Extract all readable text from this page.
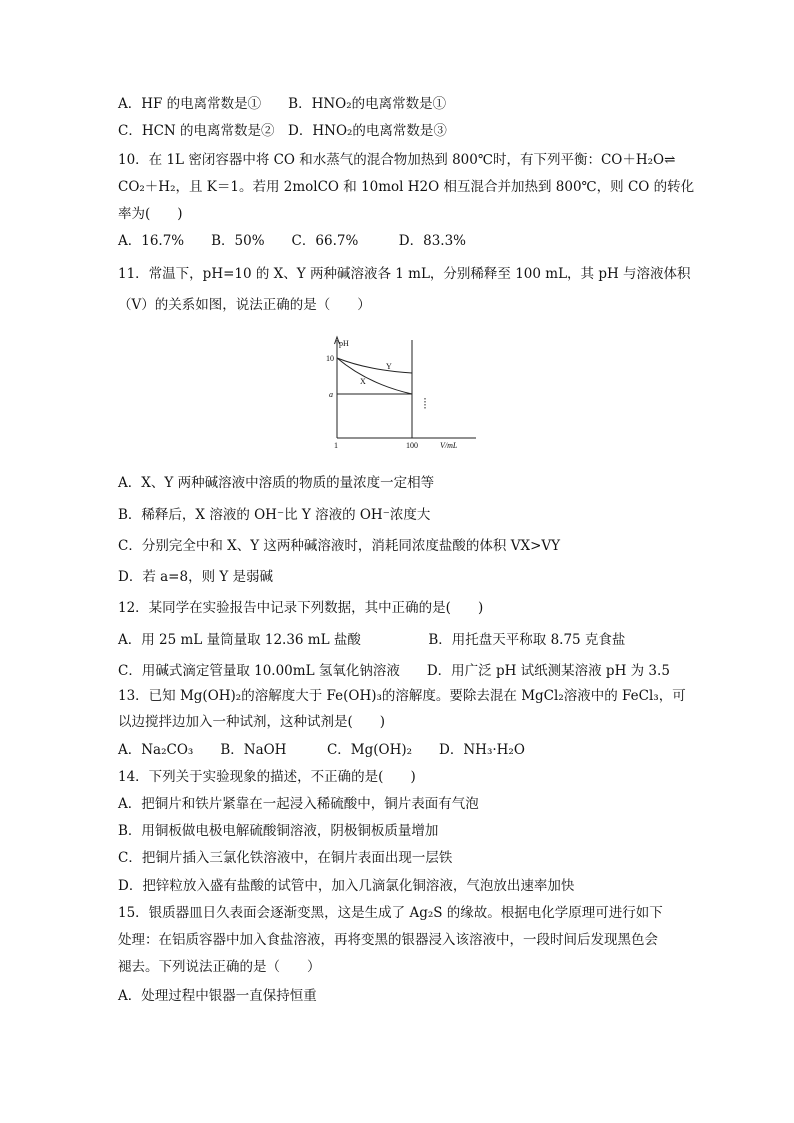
A．HF 的电离常数是①　　B．HNO₂的电离常数是①
C．HCN 的电离常数是②　D．HNO₂的电离常数是③
10．在 1L 密闭容器中将 CO 和水蒸气的混合物加热到 800℃时，有下列平衡：CO＋H₂O⇌
CO₂＋H₂，且 K＝1。若用 2molCO 和 10mol H2O 相互混合并加热到 800℃，则 CO 的转化
率为(　　)
A．16.7%　　B．50%　　C．66.7%　　　D．83.3%
11．常温下，pH=10 的 X、Y 两种碱溶液各 1 mL，分别稀释至 100 mL，其 pH 与溶液体积
（V）的关系如图，说法正确的是（　　）
A．X、Y 两种碱溶液中溶质的物质的量浓度一定相等
B．稀释后，X 溶液的 OH⁻比 Y 溶液的 OH⁻浓度大
C．分别完全中和 X、Y 这两种碱溶液时，消耗同浓度盐酸的体积 VX>VY
D．若 a=8，则 Y 是弱碱
12．某同学在实验报告中记录下列数据，其中正确的是(　　)
A．用 25 mL 量筒量取 12.36 mL 盐酸　　　　　B．用托盘天平称取 8.75 克食盐
C．用碱式滴定管量取 10.00mL 氢氧化钠溶液　　D．用广泛 pH 试纸测某溶液 pH 为 3.5
13．已知 Mg(OH)₂的溶解度大于 Fe(OH)₃的溶解度。要除去混在 MgCl₂溶液中的 FeCl₃，可
以边搅拌边加入一种试剂，这种试剂是(　　)
A．Na₂CO₃　　B．NaOH　　　C．Mg(OH)₂　　D．NH₃·H₂O
14．下列关于实验现象的描述，不正确的是(　　)
A．把铜片和铁片紧靠在一起浸入稀硫酸中，铜片表面有气泡
B．用铜板做电极电解硫酸铜溶液，阴极铜板质量增加
C．把铜片插入三氯化铁溶液中，在铜片表面出现一层铁
D．把锌粒放入盛有盐酸的试管中，加入几滴氯化铜溶液，气泡放出速率加快
15．银质器皿日久表面会逐渐变黑，这是生成了 Ag₂S 的缘故。根据电化学原理可进行如下
处理：在铝质容器中加入食盐溶液，再将变黑的银器浸入该溶液中，一段时间后发现黑色会
褪去。下列说法正确的是（　　）
A．处理过程中银器一直保持恒重
pH
10
a
Y
X
1	100	V/mL
